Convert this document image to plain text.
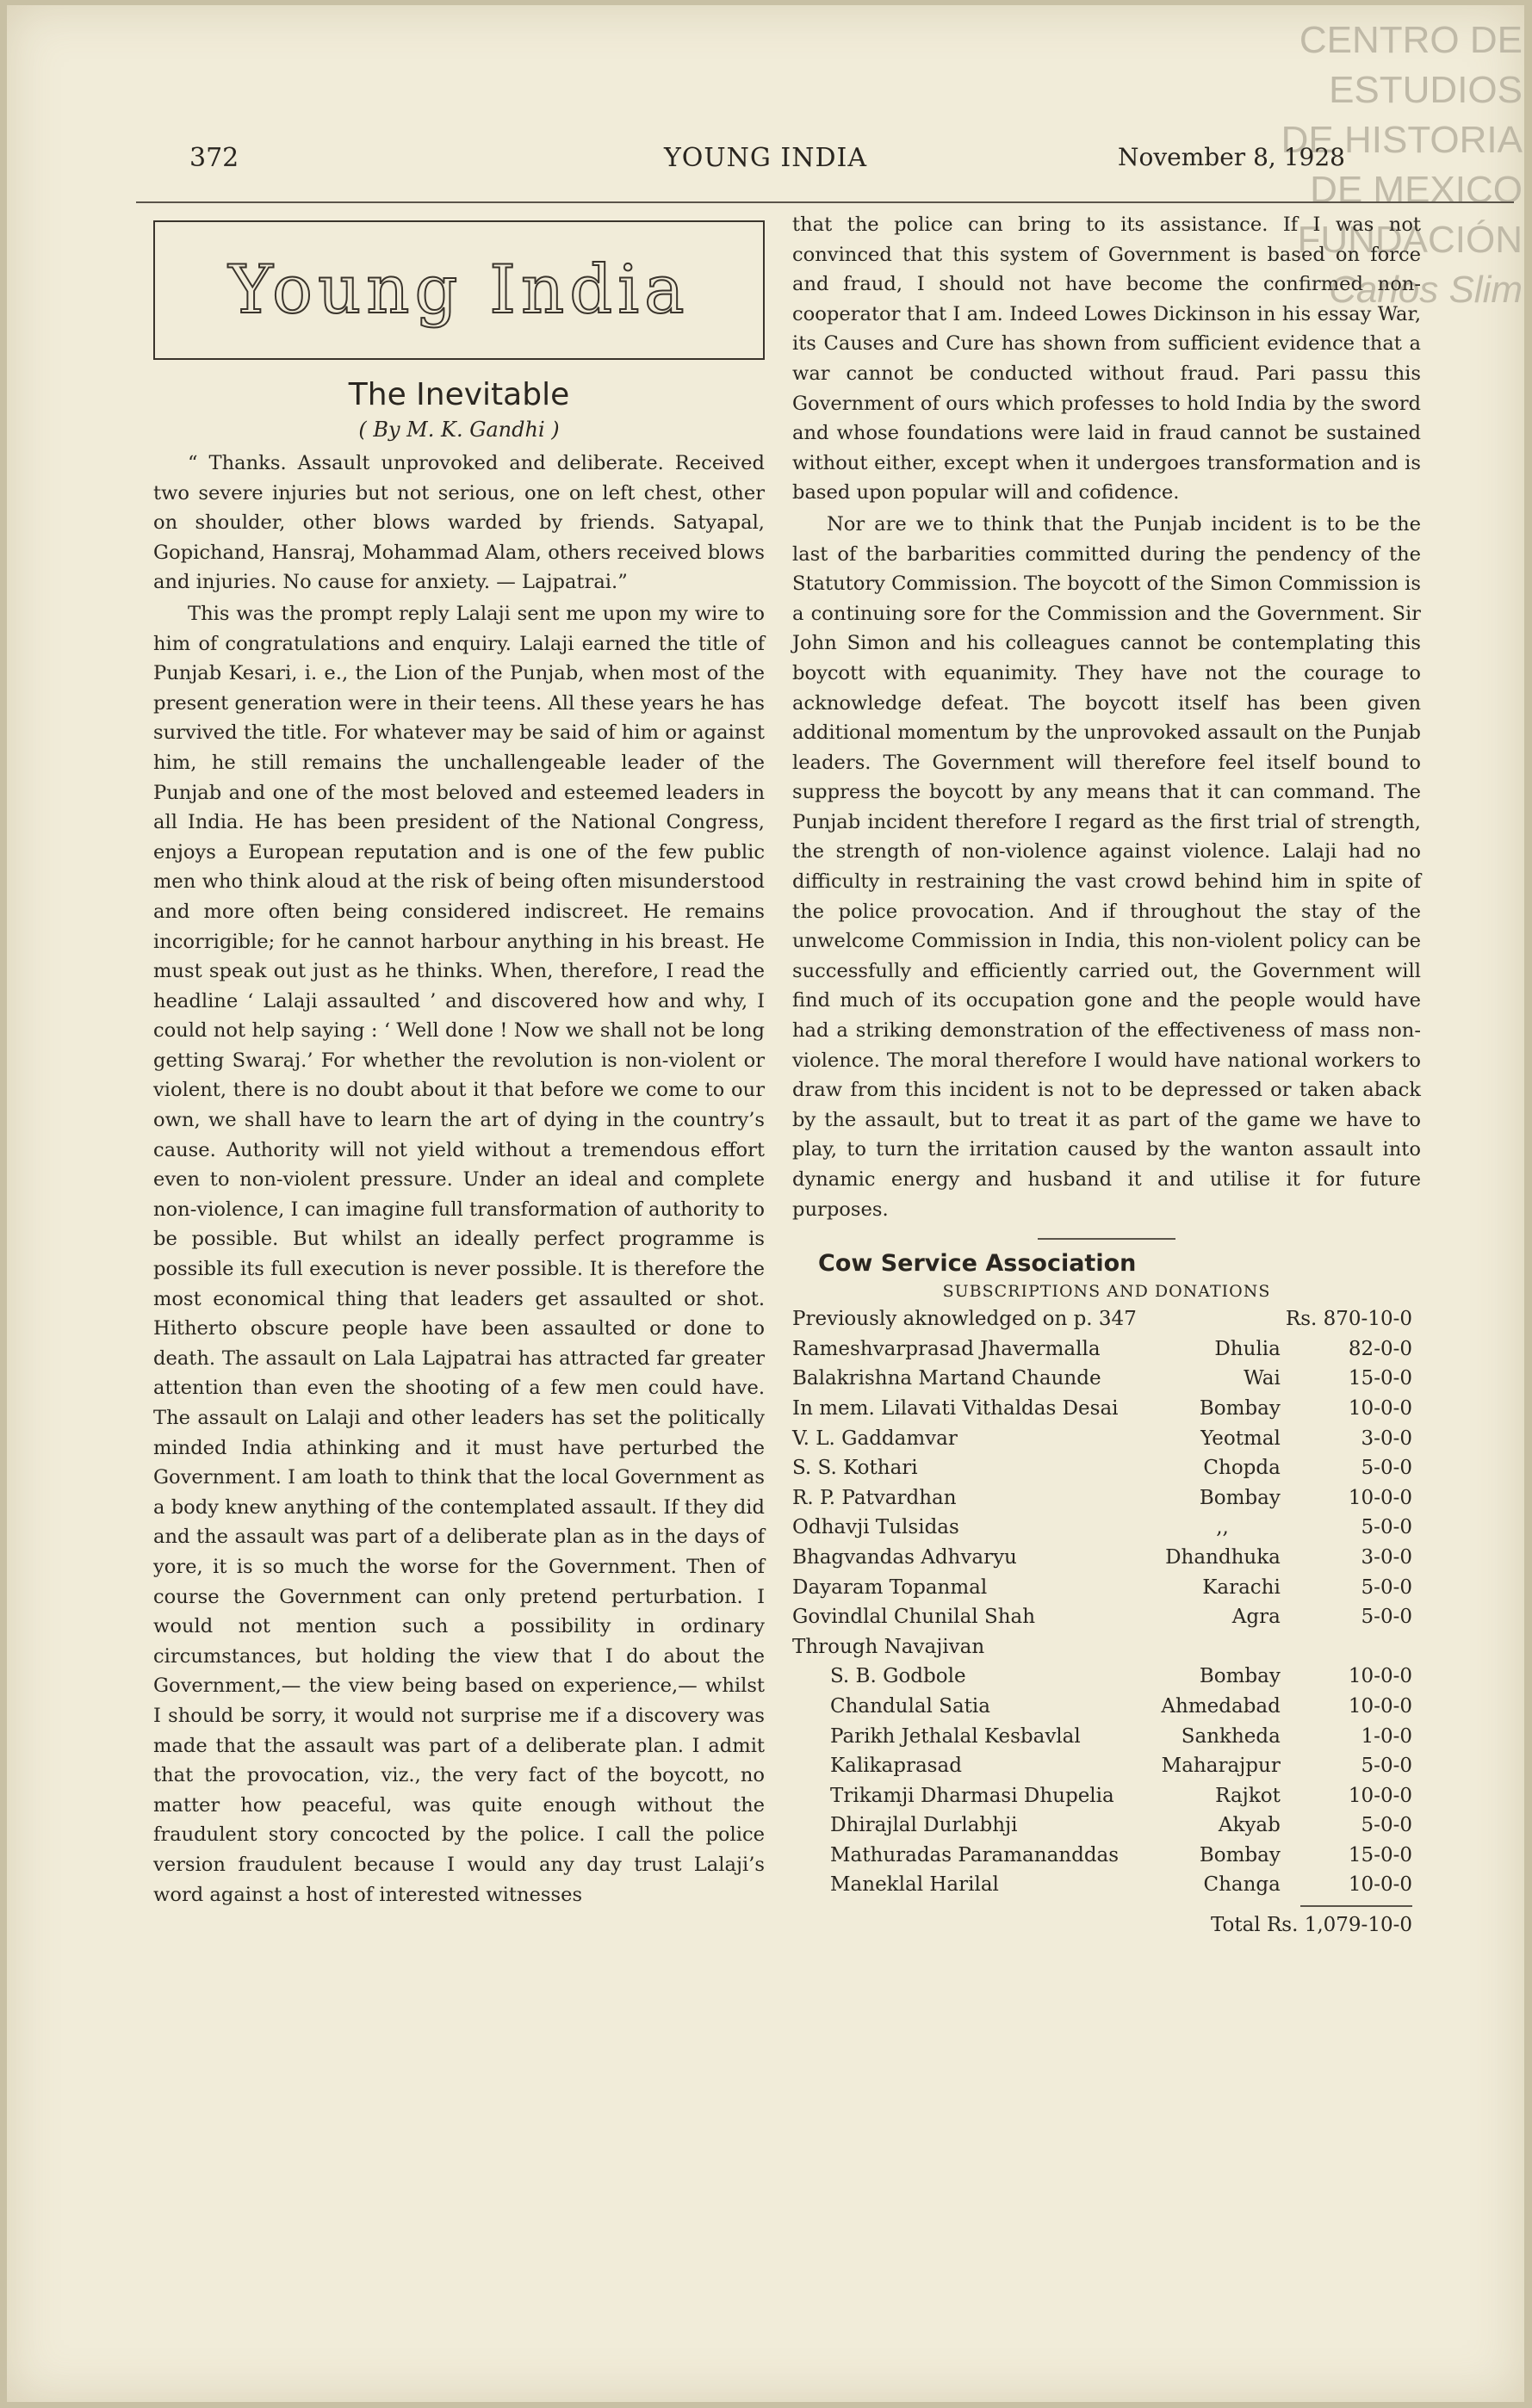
CENTRO DE
ESTUDIOS
DE HISTORIA
DE MEXICO
FUNDACIÓN
Carlos Slim
372	YOUNG INDIA	November 8, 1928
Young India
The Inevitable
( By M. K. Gandhi )

“ Thanks. Assault unprovoked and deliberate. Received two severe injuries but not serious, one on left chest, other on shoulder, other blows warded by friends. Satyapal, Gopichand, Hansraj, Mohammad Alam, others received blows and injuries. No cause for anxiety. — Lajpatrai.”

This was the prompt reply Lalaji sent me upon my wire to him of congratulations and enquiry. Lalaji earned the title of Punjab Kesari, i. e., the Lion of the Punjab, when most of the present generation were in their teens. All these years he has survived the title. For whatever may be said of him or against him, he still remains the unchallengeable leader of the Punjab and one of the most beloved and esteemed leaders in all India. He has been president of the National Congress, enjoys a European reputation and is one of the few public men who think aloud at the risk of being often misunderstood and more often being considered indiscreet. He remains incorrigible; for he cannot harbour anything in his breast. He must speak out just as he thinks. When, therefore, I read the headline ‘ Lalaji assaulted ’ and discovered how and why, I could not help saying : ‘ Well done ! Now we shall not be long getting Swaraj.’ For whether the revolution is non-violent or violent, there is no doubt about it that before we come to our own, we shall have to learn the art of dying in the country’s cause. Authority will not yield without a tremendous effort even to non-violent pressure. Under an ideal and complete non-violence, I can imagine full transformation of authority to be possible. But whilst an ideally perfect programme is possible its full execution is never possible. It is therefore the most economical thing that leaders get assaulted or shot. Hitherto obscure people have been assaulted or done to death. The assault on Lala Lajpatrai has attracted far greater attention than even the shooting of a few men could have. The assault on Lalaji and other leaders has set the politically minded India athinking and it must have perturbed the Government. I am loath to think that the local Government as a body knew anything of the contemplated assault. If they did and the assault was part of a deliberate plan as in the days of yore, it is so much the worse for the Government. Then of course the Government can only pretend perturbation. I would not mention such a possibility in ordinary circumstances, but holding the view that I do about the Government,— the view being based on experience,— whilst I should be sorry, it would not surprise me if a discovery was made that the assault was part of a deliberate plan. I admit that the provocation, viz., the very fact of the boycott, no matter how peaceful, was quite enough without the fraudulent story concocted by the police. I call the police version fraudulent because I would any day trust Lalaji’s word against a host of interested witnesses

that the police can bring to its assistance. If I was not convinced that this system of Government is based on force and fraud, I should not have become the confirmed non-cooperator that I am. Indeed Lowes Dickinson in his essay War, its Causes and Cure has shown from sufficient evidence that a war cannot be conducted without fraud. Pari passu this Government of ours which professes to hold India by the sword and whose foundations were laid in fraud cannot be sustained without either, except when it undergoes transformation and is based upon popular will and cofidence.

Nor are we to think that the Punjab incident is to be the last of the barbarities committed during the pendency of the Statutory Commission. The boycott of the Simon Commission is a continuing sore for the Commission and the Government. Sir John Simon and his colleagues cannot be contemplating this boycott with equanimity. They have not the courage to acknowledge defeat. The boycott itself has been given additional momentum by the unprovoked assault on the Punjab leaders. The Government will therefore feel itself bound to suppress the boycott by any means that it can command. The Punjab incident therefore I regard as the first trial of strength, the strength of non-violence against violence. Lalaji had no difficulty in restraining the vast crowd behind him in spite of the police provocation. And if throughout the stay of the unwelcome Commission in India, this non-violent policy can be successfully and efficiently carried out, the Government will find much of its occupation gone and the people would have had a striking demonstration of the effectiveness of mass non-violence. The moral therefore I would have national workers to draw from this incident is not to be depressed or taken aback by the assault, but to treat it as part of the game we have to play, to turn the irritation caused by the wanton assault into dynamic energy and husband it and utilise it for future purposes.

Cow Service Association
SUBSCRIPTIONS AND DONATIONS
Previously aknowledged on p. 347		Rs. 870-10-0
Rameshvarprasad Jhavermalla	Dhulia	82-0-0
Balakrishna Martand Chaunde	Wai	15-0-0
In mem. Lilavati Vithaldas Desai	Bombay	10-0-0
V. L. Gaddamvar	Yeotmal	3-0-0
S. S. Kothari	Chopda	5-0-0
R. P. Patvardhan	Bombay	10-0-0
Odhavji Tulsidas	,,	5-0-0
Bhagvandas Adhvaryu	Dhandhuka	3-0-0
Dayaram Topanmal	Karachi	5-0-0
Govindlal Chunilal Shah	Agra	5-0-0
Through Navajivan		
S. B. Godbole	Bombay	10-0-0
Chandulal Satia	Ahmedabad	10-0-0
Parikh Jethalal Kesbavlal	Sankheda	1-0-0
Kalikaprasad	Maharajpur	5-0-0
Trikamji Dharmasi Dhupelia	Rajkot	10-0-0
Dhirajlal Durlabhji	Akyab	5-0-0
Mathuradas Paramananddas	Bombay	15-0-0
Maneklal Harilal	Changa	10-0-0
Total Rs. 1,079-10-0
